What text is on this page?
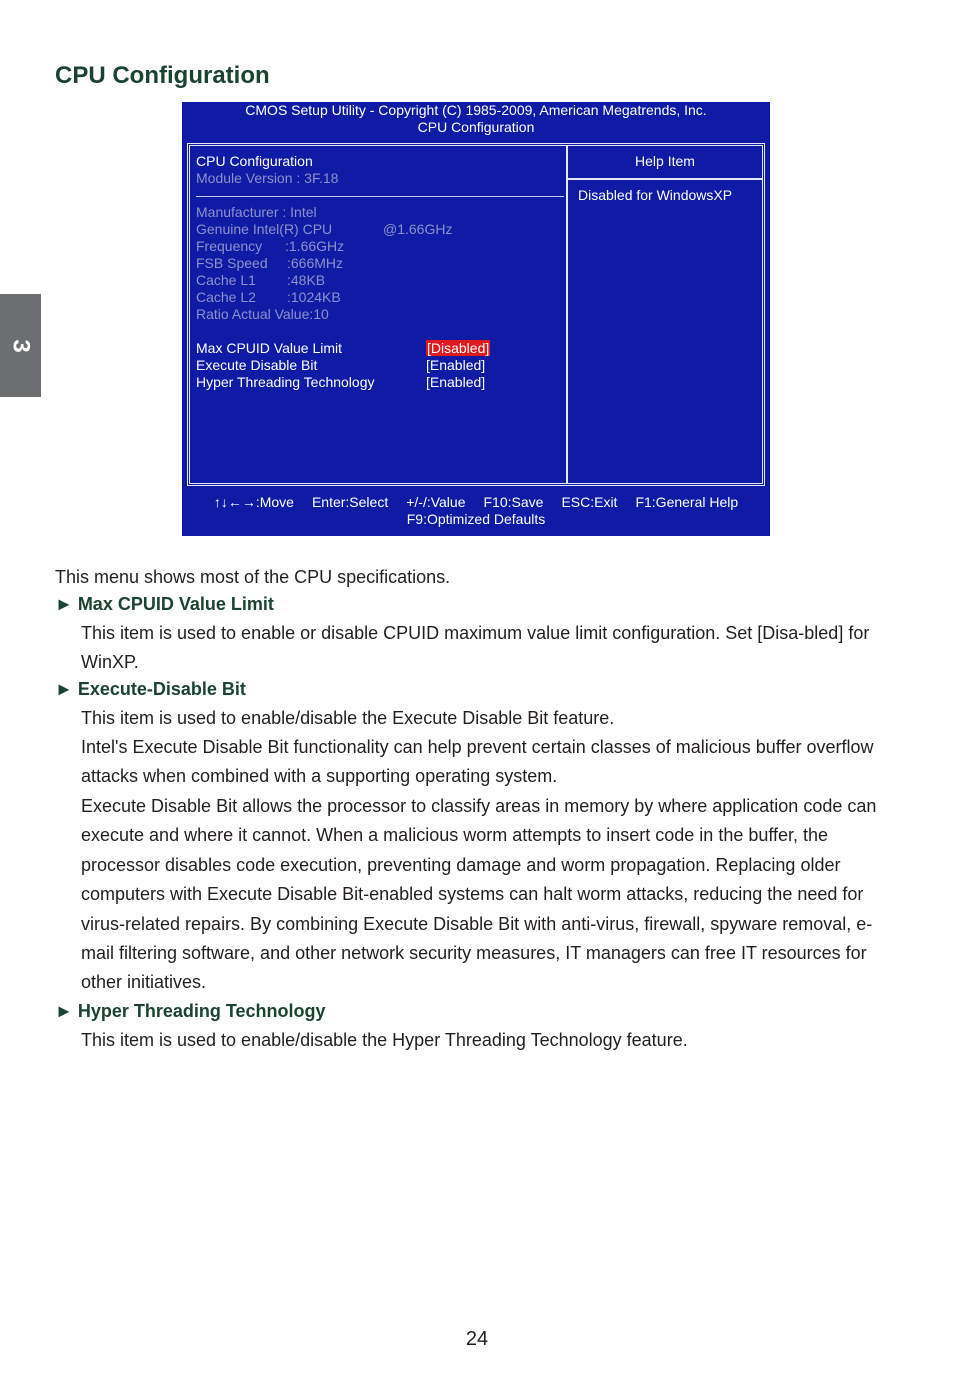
3
CPU Configuration
CMOS Setup Utility - Copyright (C) 1985-2009, American Megatrends, Inc.
CPU Configuration
CPU Configuration
Module Version : 3F.18
Manufacturer : Intel
Genuine Intel(R) CPU	@1.66GHz
Frequency :1.66GHz
FSB Speed :666MHz
Cache L1 :48KB
Cache L2 :1024KB
Ratio Actual Value:10
Max CPUID Value Limit	[Disabled]
Execute Disable Bit	[Enabled]
Hyper Threading Technology	[Enabled]
Help Item
Disabled for WindowsXP
↑↓←→:Move Enter:Select +/-/:Value F10:Save ESC:Exit F1:General Help
F9:Optimized Defaults
This menu shows most of the CPU specifications.
► Max CPUID Value Limit
This item is used to enable or disable CPUID maximum value limit configuration. Set [Disa-bled] for WinXP.
► Execute-Disable Bit
This item is used to enable/disable the Execute Disable Bit feature.
Intel's Execute Disable Bit functionality can help prevent certain classes of malicious buffer overflow attacks when combined with a supporting operating system.
Execute Disable Bit allows the processor to classify areas in memory by where application code can execute and where it cannot. When a malicious worm attempts to insert code in the buffer, the processor disables code execution, preventing damage and worm propagation. Replacing older computers with Execute Disable Bit-enabled systems can halt worm attacks, reducing the need for virus-related repairs. By combining Execute Disable Bit with anti-virus, firewall, spyware removal, e-mail filtering software, and other network security measures, IT managers can free IT resources for other initiatives.
► Hyper Threading Technology
This item is used to enable/disable the Hyper Threading Technology feature.
24
